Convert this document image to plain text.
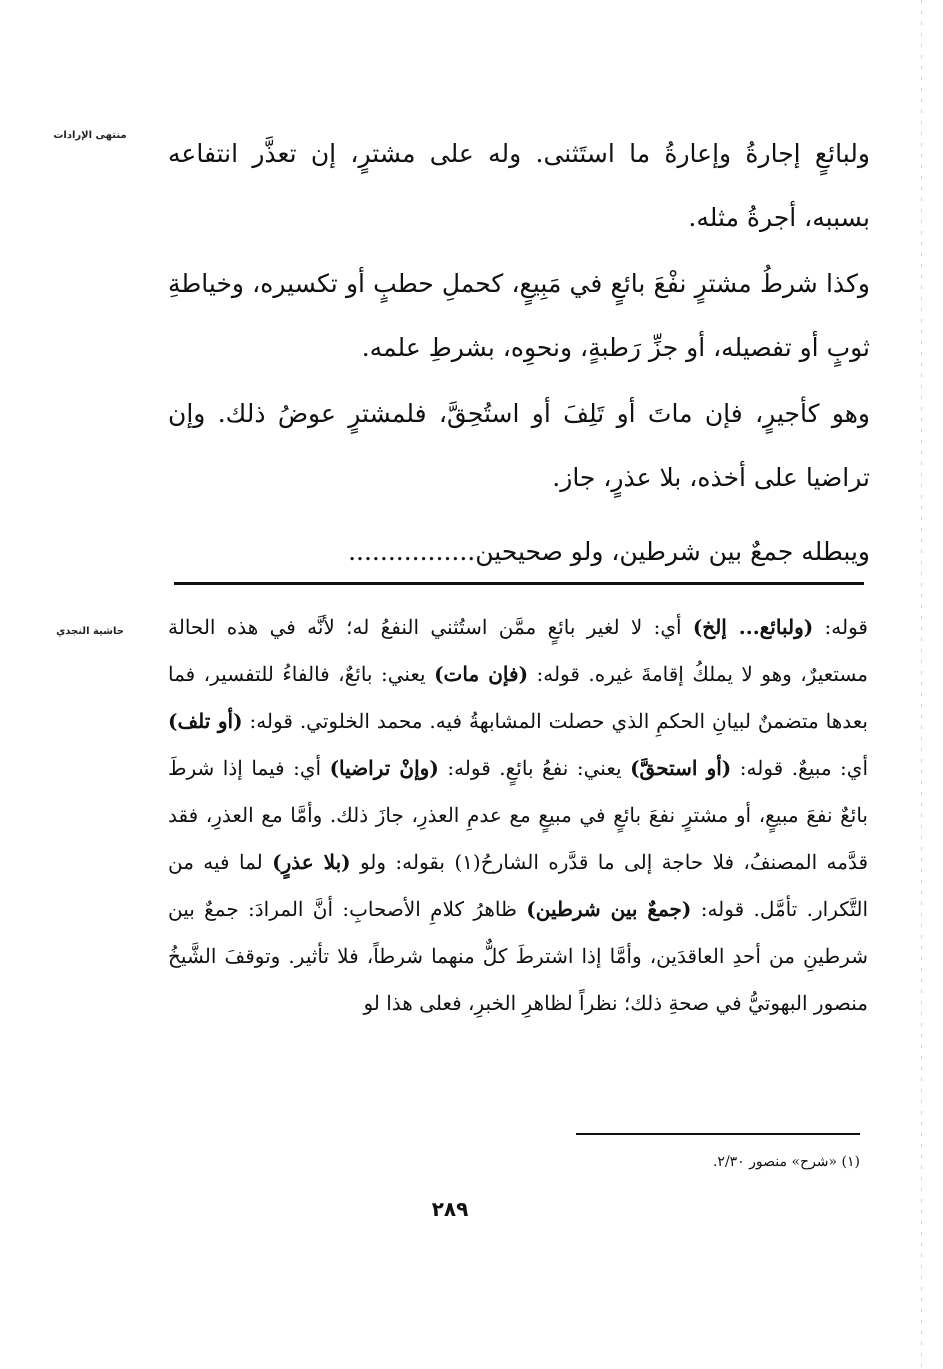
منتهى الإرادات
حاشية النجدي

ولبائعٍ إجارةُ وإعارةُ ما استَثنى. وله على مشترٍ، إن تعذَّر انتفاعه بسببه، أجرةُ مثله.

وكذا شرطُ مشترٍ نفْعَ بائعٍ في مَبِيعٍ، كحملِ حطبٍ أو تكسيره، وخياطةِ ثوبٍ أو تفصيله، أو جزِّ رَطبةٍ، ونحوِه، بشرطِ علمه.

وهو كأجيرٍ، فإن ماتَ أو تَلِفَ أو استُحِقَّ، فلمشترٍ عوضُ ذلك. وإن تراضيا على أخذه، بلا عذرٍ، جاز.

ويبطله جمعٌ بين شرطين، ولو صحيحين................

قوله: (ولبائع... إلخ) أي: لا لغير بائعٍ ممَّن استُثني النفعُ له؛ لأنَّه في هذه الحالة مستعيرٌ، وهو لا يملكُ إقامةَ غيره. قوله: (فإن مات) يعني: بائعٌ، فالفاءُ للتفسير، فما بعدها متضمنٌ لبيانِ الحكمِ الذي حصلت المشابهةُ فيه. محمد الخلوتي. قوله: (أو تلف) أي: مبيعٌ. قوله: (أو استحقَّ) يعني: نفعُ بائعٍ. قوله: (وإنْ تراضيا) أي: فيما إذا شرطَ بائعٌ نفعَ مبيعٍ، أو مشترٍ نفعَ بائعٍ في مبيعٍ مع عدمِ العذرِ، جازَ ذلك. وأمَّا مع العذرِ، فقد قدَّمه المصنفُ، فلا حاجة إلى ما قدَّره الشارحُ(١) بقوله: ولو (بلا عذرٍ) لما فيه من التَّكرار. تأمَّل. قوله: (جمعٌ بين شرطين) ظاهرُ كلامِ الأصحابِ: أنَّ المرادَ: جمعٌ بين شرطينِ من أحدِ العاقدَين، وأمَّا إذا اشترطَ كلٌّ منهما شرطاً، فلا تأثير. وتوقفَ الشَّيخُ منصور البهوتيُّ في صحةِ ذلك؛ نظراً لظاهرِ الخبرِ، فعلى هذا لو

(١) «شرح» منصور ٢/٣٠.
٢٨٩
